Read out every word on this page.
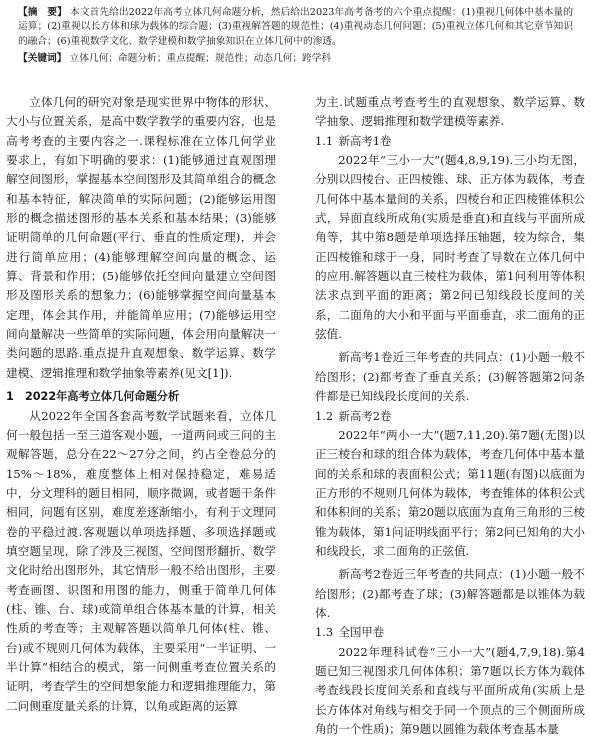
【摘　要】 本文首先给出2022年高考立体几何命题分析，然后给出2023年高考备考的六个重点提醒：(1)重视几何体中基本量的运算；(2)重视以长方体和球为载体的综合题；(3)重视解答题的规范性；(4)重视动态几何问题；(5)重视立体几何和其它章节知识的融合；(6)重视数学文化、数学建模和数学抽象知识在立体几何中的渗透。

【关键词】 立体几何；命题分析；重点提醒；规范性；动态几何；跨学科

立体几何的研究对象是现实世界中物体的形状、大小与位置关系，是高中数学教学的重要内容，也是高考考查的主要内容之一.课程标准在立体几何学业要求上，有如下明确的要求：(1)能够通过直观图理解空间图形，掌握基本空间图形及其简单组合的概念和基本特征，解决简单的实际问题；(2)能够运用图形的概念描述图形的基本关系和基本结果；(3)能够证明简单的几何命题(平行、垂直的性质定理)，并会进行简单应用；(4)能够理解空间向量的概念、运算、背景和作用；(5)能够依托空间向量建立空间图形及图形关系的想象力；(6)能够掌握空间向量基本定理，体会其作用，并能简单应用；(7)能够运用空间向量解决一些简单的实际问题，体会用向量解决一类问题的思路.重点提升直观想象、数学运算、数学建模、逻辑推理和数学抽象等素养(见文[1]).

1　2022年高考立体几何命题分析

从2022年全国各套高考数学试题来看，立体几何一般包括一至三道客观小题，一道两问或三问的主观解答题，总分在22～27分之间，约占全卷总分的15%～18%，难度整体上相对保持稳定，难易适中，分文理科的题目相同，顺序微调，或者题干条件相同，问题有区别，难度差逐渐缩小，有利于文理同卷的平稳过渡.客观题以单项选择题、多项选择题或填空题呈现，除了涉及三视图、空间图形翻折、数学文化时给出图形外，其它情形一般不给出图形，主要考查画图、识图和用图的能力，侧重于简单几何体(柱、锥、台、球)或简单组合体基本量的计算，相关性质的考查等；主观解答题以简单几何体(柱、锥、台)或不规则几何体为载体，主要采用“一半证明、一半计算”相结合的模式，第一问侧重考查位置关系的证明，考查学生的空间想象能力和逻辑推理能力，第二问侧重度量关系的计算，以角或距离的运算

为主.试题重点考查考生的直观想象、数学运算、数学抽象、逻辑推理和数学建模等素养.

1.1 新高考1卷

2022年“三小一大”(题4,8,9,19).三小均无图，分别以四棱台、正四棱锥、球、正方体为载体，考查几何体中基本量间的关系，四棱台和正四棱锥体积公式，异面直线所成角(实质是垂直)和直线与平面所成角等，其中第8题是单项选择压轴题，较为综合，集正四棱锥和球于一身，同时考查了导数在立体几何中的应用.解答题以直三棱柱为载体，第1问利用等体积法求点到平面的距离；第2问已知线段长度间的关系，二面角的大小和平面与平面垂直，求二面角的正弦值.

新高考1卷近三年考查的共同点：(1)小题一般不给图形；(2)都考查了垂直关系；(3)解答题第2问条件都是已知线段长度间的关系.

1.2 新高考2卷

2022年“两小一大”(题7,11,20).第7题(无图)以正三棱台和球的组合体为载体，考查几何体中基本量间的关系和球的表面积公式；第11题(有图)以底面为正方形的不规则几何体为载体，考查锥体的体积公式和体积间的关系；第20题以底面为直角三角形的三棱锥为载体，第1问证明线面平行；第2问已知角的大小和线段长，求二面角的正弦值.

新高考2卷近三年考查的共同点：(1)小题一般不给图形；(2)都考查了球；(3)解答题都是以锥体为载体.

1.3 全国甲卷

2022年理科试卷“三小一大”(题4,7,9,18).第4题已知三视图求几何体体积；第7题以长方体为载体考查线段长度间关系和直线与平面所成角(实质上是长方体体对角线与相交于同一个顶点的三个侧面所成角的一个性质)；第9题以圆锥为载体考查基本量
